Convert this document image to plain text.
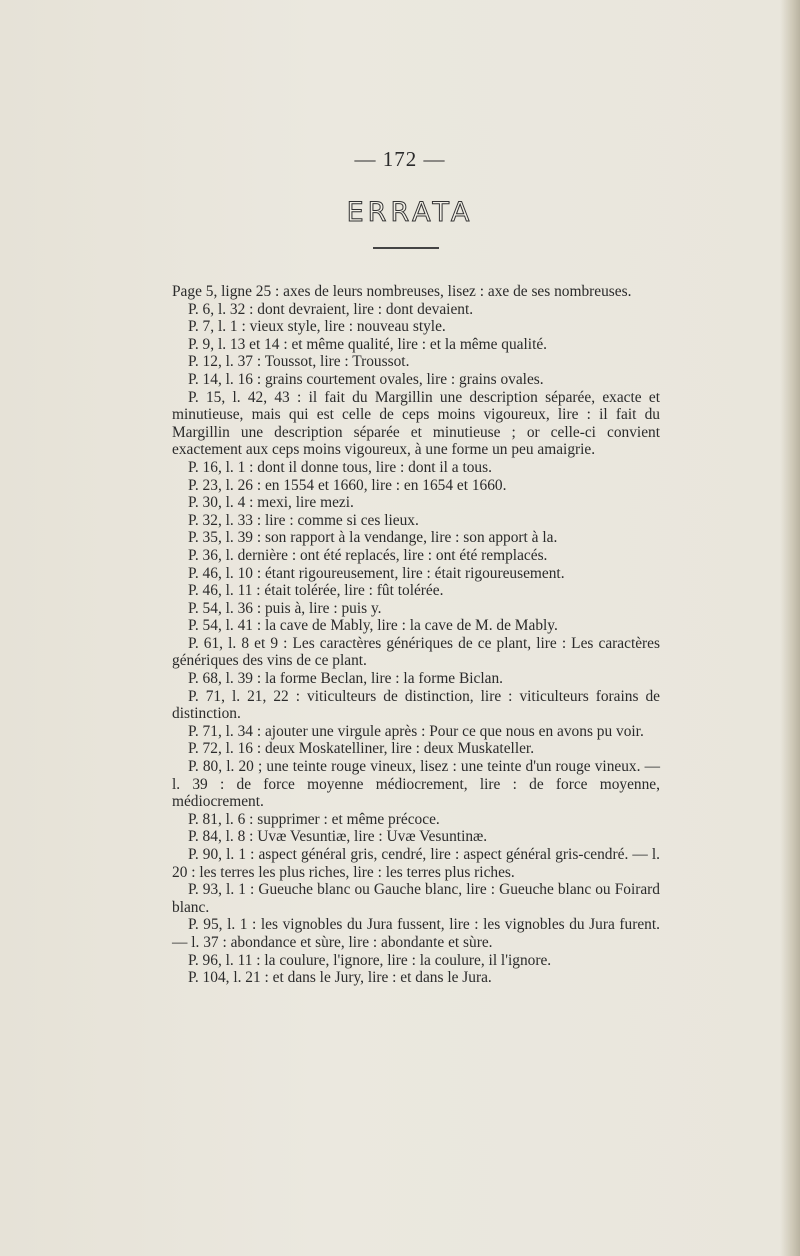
— 172 —
ERRATA

Page 5, ligne 25 : axes de leurs nombreuses, lisez : axe de ses nombreuses.

P. 6, l. 32 : dont devraient, lire : dont devaient.

P. 7, l. 1 : vieux style, lire : nouveau style.

P. 9, l. 13 et 14 : et même qualité, lire : et la même qualité.

P. 12, l. 37 : Toussot, lire : Troussot.

P. 14, l. 16 : grains courtement ovales, lire : grains ovales.

P. 15, l. 42, 43 : il fait du Margillin une description séparée, exacte et minutieuse, mais qui est celle de ceps moins vigoureux, lire : il fait du Margillin une description séparée et minutieuse ; or celle-ci convient exactement aux ceps moins vigoureux, à une forme un peu amaigrie.

P. 16, l. 1 : dont il donne tous, lire : dont il a tous.

P. 23, l. 26 : en 1554 et 1660, lire : en 1654 et 1660.

P. 30, l. 4 : mexi, lire mezi.

P. 32, l. 33 : lire : comme si ces lieux.

P. 35, l. 39 : son rapport à la vendange, lire : son apport à la.

P. 36, l. dernière : ont été replacés, lire : ont été remplacés.

P. 46, l. 10 : étant rigoureusement, lire : était rigoureusement.

P. 46, l. 11 : était tolérée, lire : fût tolérée.

P. 54, l. 36 : puis à, lire : puis y.

P. 54, l. 41 : la cave de Mably, lire : la cave de M. de Mably.

P. 61, l. 8 et 9 : Les caractères génériques de ce plant, lire : Les caractères génériques des vins de ce plant.

P. 68, l. 39 : la forme Beclan, lire : la forme Biclan.

P. 71, l. 21, 22 : viticulteurs de distinction, lire : viticulteurs forains de distinction.

P. 71, l. 34 : ajouter une virgule après : Pour ce que nous en avons pu voir.

P. 72, l. 16 : deux Moskatelliner, lire : deux Muskateller.

P. 80, l. 20 ; une teinte rouge vineux, lisez : une teinte d'un rouge vineux. — l. 39 : de force moyenne médiocrement, lire : de force moyenne, médiocrement.

P. 81, l. 6 : supprimer : et même précoce.

P. 84, l. 8 : Uvæ Vesuntiæ, lire : Uvæ Vesuntinæ.

P. 90, l. 1 : aspect général gris, cendré, lire : aspect général gris-cendré. — l. 20 : les terres les plus riches, lire : les terres plus riches.

P. 93, l. 1 : Gueuche blanc ou Gauche blanc, lire : Gueuche blanc ou Foirard blanc.

P. 95, l. 1 : les vignobles du Jura fussent, lire : les vignobles du Jura furent. — l. 37 : abondance et sùre, lire : abondante et sùre.

P. 96, l. 11 : la coulure, l'ignore, lire : la coulure, il l'ignore.

P. 104, l. 21 : et dans le Jury, lire : et dans le Jura.
